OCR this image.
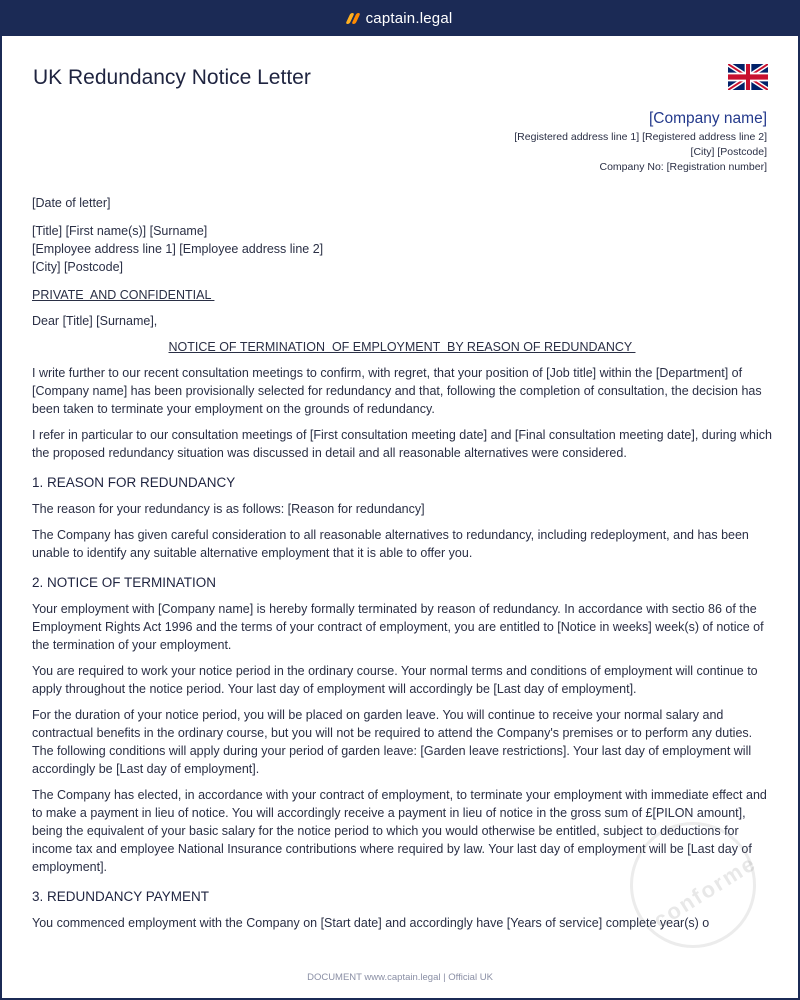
captain.legal
UK Redundancy Notice Letter
[Company name]
[Registered address line 1] [Registered address line 2]
[City] [Postcode]
Company No: [Registration number]

[Date of letter]

[Title] [First name(s)] [Surname]

[Employee address line 1] [Employee address line 2]

[City] [Postcode]

PRIVATE  AND CONFIDENTIAL

Dear [Title] [Surname],

NOTICE OF TERMINATION  OF EMPLOYMENT  BY REASON OF REDUNDANCY

I write further to our recent consultation meetings to confirm, with regret, that your position of [Job title] within the [Department] of [Company name] has been provisionally selected for redundancy and that, following the completion of consultation, the decision has been taken to terminate your employment on the grounds of redundancy.

I refer in particular to our consultation meetings of [First consultation meeting date] and [Final consultation meeting date], during which the proposed redundancy situation was discussed in detail and all reasonable alternatives were considered.

1. REASON FOR REDUNDANCY

The reason for your redundancy is as follows: [Reason for redundancy]

The Company has given careful consideration to all reasonable alternatives to redundancy, including redeployment, and has been unable to identify any suitable alternative employment that it is able to offer you.

2. NOTICE OF TERMINATION

Your employment with [Company name] is hereby formally terminated by reason of redundancy. In accordance with sectio 86 of the Employment Rights Act 1996 and the terms of your contract of employment, you are entitled to [Notice in weeks] week(s) of notice of the termination of your employment.

You are required to work your notice period in the ordinary course. Your normal terms and conditions of employment will continue to apply throughout the notice period. Your last day of employment will accordingly be [Last day of employment].

For the duration of your notice period, you will be placed on garden leave. You will continue to receive your normal salary and contractual benefits in the ordinary course, but you will not be required to attend the Company's premises or to perform any duties. The following conditions will apply during your period of garden leave: [Garden leave restrictions]. Your last day of employment will accordingly be [Last day of employment].

The Company has elected, in accordance with your contract of employment, to terminate your employment with immediate effect and to make a payment in lieu of notice. You will accordingly receive a payment in lieu of notice in the gross sum of £[PILON amount], being the equivalent of your basic salary for the notice period to which you would otherwise be entitled, subject to deductions for income tax and employee National Insurance contributions where required by law. Your last day of employment will be [Last day of employment].

3. REDUNDANCY PAYMENT

You commenced employment with the Company on [Start date] and accordingly have [Years of service] complete year(s) o

conforme
DOCUMENT www.captain.legal | Official UK
